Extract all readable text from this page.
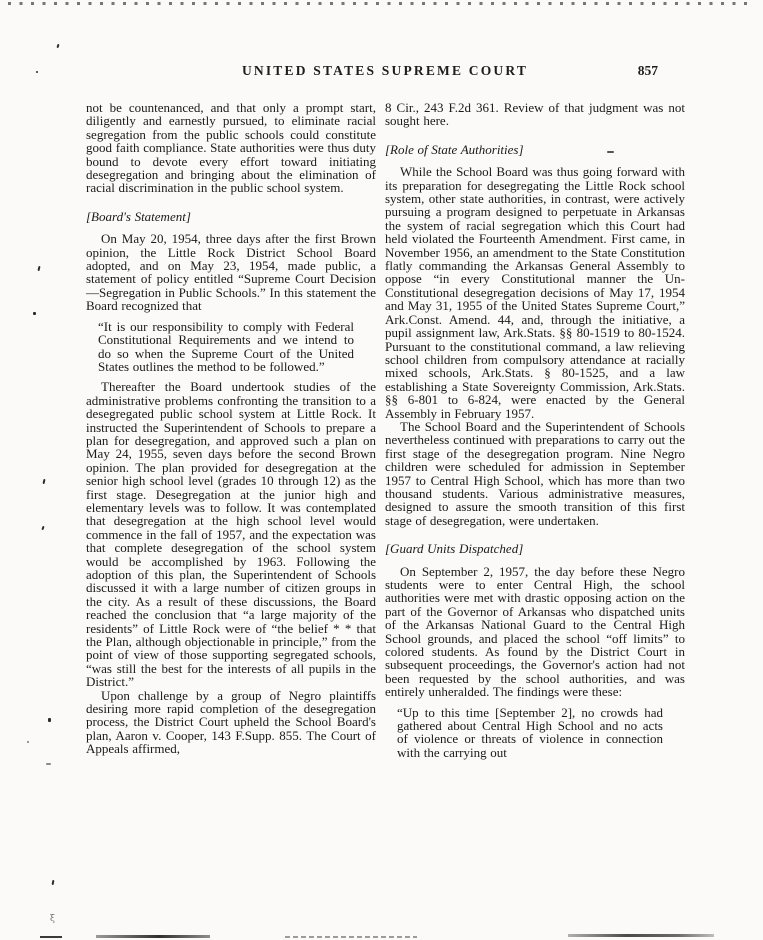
UNITED STATES SUPREME COURT	857

not be countenanced, and that only a prompt start, diligently and earnestly pursued, to eliminate racial segregation from the public schools could constitute good faith compliance. State authorities were thus duty bound to devote every effort toward initiating desegregation and bringing about the elimination of racial discrimination in the public school system.

[Board's Statement]

On May 20, 1954, three days after the first Brown opinion, the Little Rock District School Board adopted, and on May 23, 1954, made public, a statement of policy entitled “Supreme Court Decision—Segregation in Public Schools.” In this statement the Board recognized that

“It is our responsibility to comply with Federal Constitutional Requirements and we intend to do so when the Supreme Court of the United States outlines the method to be followed.”

Thereafter the Board undertook studies of the administrative problems confronting the transition to a desegregated public school system at Little Rock. It instructed the Superintendent of Schools to prepare a plan for desegregation, and approved such a plan on May 24, 1955, seven days before the second Brown opinion. The plan provided for desegregation at the senior high school level (grades 10 through 12) as the first stage. Desegregation at the junior high and elementary levels was to follow. It was contemplated that desegregation at the high school level would commence in the fall of 1957, and the expectation was that complete desegregation of the school system would be accomplished by 1963. Following the adoption of this plan, the Superintendent of Schools discussed it with a large number of citizen groups in the city. As a result of these discussions, the Board reached the conclusion that “a large majority of the residents” of Little Rock were of “the belief * * that the Plan, although objectionable in principle,” from the point of view of those supporting segregated schools, “was still the best for the interests of all pupils in the District.”

Upon challenge by a group of Negro plaintiffs desiring more rapid completion of the desegregation process, the District Court upheld the School Board's plan, Aaron v. Cooper, 143 F.Supp. 855. The Court of Appeals affirmed,

8 Cir., 243 F.2d 361. Review of that judgment was not sought here.

[Role of State Authorities]

While the School Board was thus going forward with its preparation for desegregating the Little Rock school system, other state authorities, in contrast, were actively pursuing a program designed to perpetuate in Arkansas the system of racial segregation which this Court had held violated the Fourteenth Amendment. First came, in November 1956, an amendment to the State Constitution flatly commanding the Arkansas General Assembly to oppose “in every Constitutional manner the Un-Constitutional desegregation decisions of May 17, 1954 and May 31, 1955 of the United States Supreme Court,” Ark.Const. Amend. 44, and, through the initiative, a pupil assignment law, Ark.Stats. §§ 80-1519 to 80-1524. Pursuant to the constitutional command, a law relieving school children from compulsory attendance at racially mixed schools, Ark.Stats. § 80-1525, and a law establishing a State Sovereignty Commission, Ark.Stats. §§ 6-801 to 6-824, were enacted by the General Assembly in February 1957.

The School Board and the Superintendent of Schools nevertheless continued with preparations to carry out the first stage of the desegregation program. Nine Negro children were scheduled for admission in September 1957 to Central High School, which has more than two thousand students. Various administrative measures, designed to assure the smooth transition of this first stage of desegregation, were undertaken.

[Guard Units Dispatched]

On September 2, 1957, the day before these Negro students were to enter Central High, the school authorities were met with drastic opposing action on the part of the Governor of Arkansas who dispatched units of the Arkansas National Guard to the Central High School grounds, and placed the school “off limits” to colored students. As found by the District Court in subsequent proceedings, the Governor's action had not been requested by the school authorities, and was entirely unheralded. The findings were these:

“Up to this time [September 2], no crowds had gathered about Central High School and no acts of violence or threats of violence in connection with the carrying out

ξ
